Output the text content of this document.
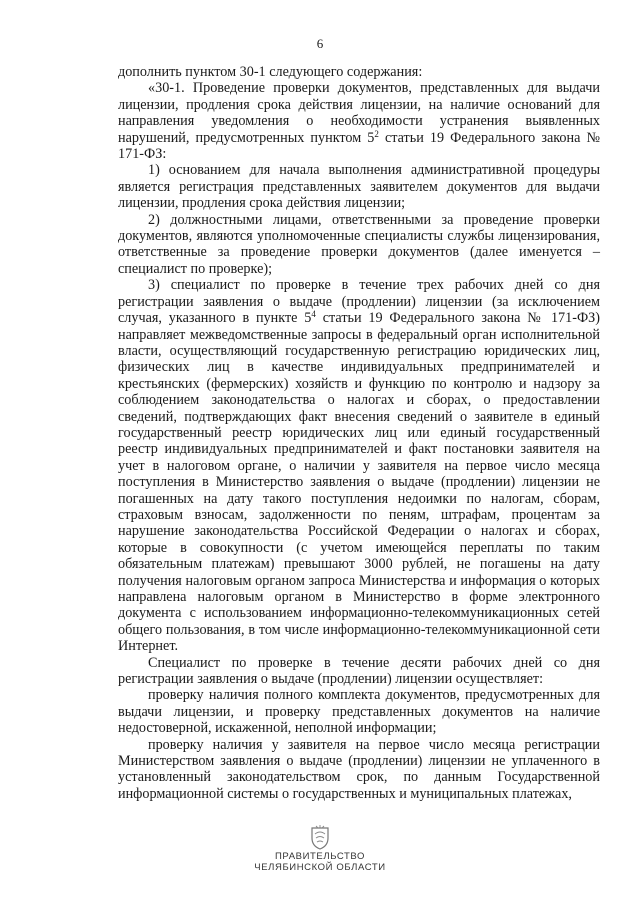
6

дополнить пунктом 30-1 следующего содержания:

«30-1. Проведение проверки документов, представленных для выдачи лицензии, продления срока действия лицензии, на наличие оснований для направления уведомления о необходимости устранения выявленных нарушений, предусмотренных пунктом $5^2$ статьи 19 Федерального закона № 171-ФЗ:

1) основанием для начала выполнения административной процедуры является регистрация представленных заявителем документов для выдачи лицензии, продления срока действия лицензии;

2) должностными лицами, ответственными за проведение проверки документов, являются уполномоченные специалисты службы лицензирования, ответственные за проведение проверки документов (далее именуется – специалист по проверке);

3) специалист по проверке в течение трех рабочих дней со дня регистрации заявления о выдаче (продлении) лицензии (за исключением случая, указанного в пункте $5^4$ статьи 19 Федерального закона № 171-ФЗ) направляет межведомственные запросы в федеральный орган исполнительной власти, осуществляющий государственную регистрацию юридических лиц, физических лиц в качестве индивидуальных предпринимателей и крестьянских (фермерских) хозяйств и функцию по контролю и надзору за соблюдением законодательства о налогах и сборах, о предоставлении сведений, подтверждающих факт внесения сведений о заявителе в единый государственный реестр юридических лиц или единый государственный реестр индивидуальных предпринимателей и факт постановки заявителя на учет в налоговом органе, о наличии у заявителя на первое число месяца поступления в Министерство заявления о выдаче (продлении) лицензии не погашенных на дату такого поступления недоимки по налогам, сборам, страховым взносам, задолженности по пеням, штрафам, процентам за нарушение законодательства Российской Федерации о налогах и сборах, которые в совокупности (с учетом имеющейся переплаты по таким обязательным платежам) превышают 3000 рублей, не погашены на дату получения налоговым органом запроса Министерства и информация о которых направлена налоговым органом в Министерство в форме электронного документа с использованием информационно-телекоммуникационных сетей общего пользования, в том числе информационно-телекоммуникационной сети Интернет.

Специалист по проверке в течение десяти рабочих дней со дня регистрации заявления о выдаче (продлении) лицензии осуществляет:

проверку наличия полного комплекта документов, предусмотренных для выдачи лицензии, и проверку представленных документов на наличие недостоверной, искаженной, неполной информации;

проверку наличия у заявителя на первое число месяца регистрации Министерством заявления о выдаче (продлении) лицензии не уплаченного в установленный законодательством срок, по данным Государственной информационной системы о государственных и муниципальных платежах,

ПРАВИТЕЛЬСТВО
ЧЕЛЯБИНСКОЙ ОБЛАСТИ
